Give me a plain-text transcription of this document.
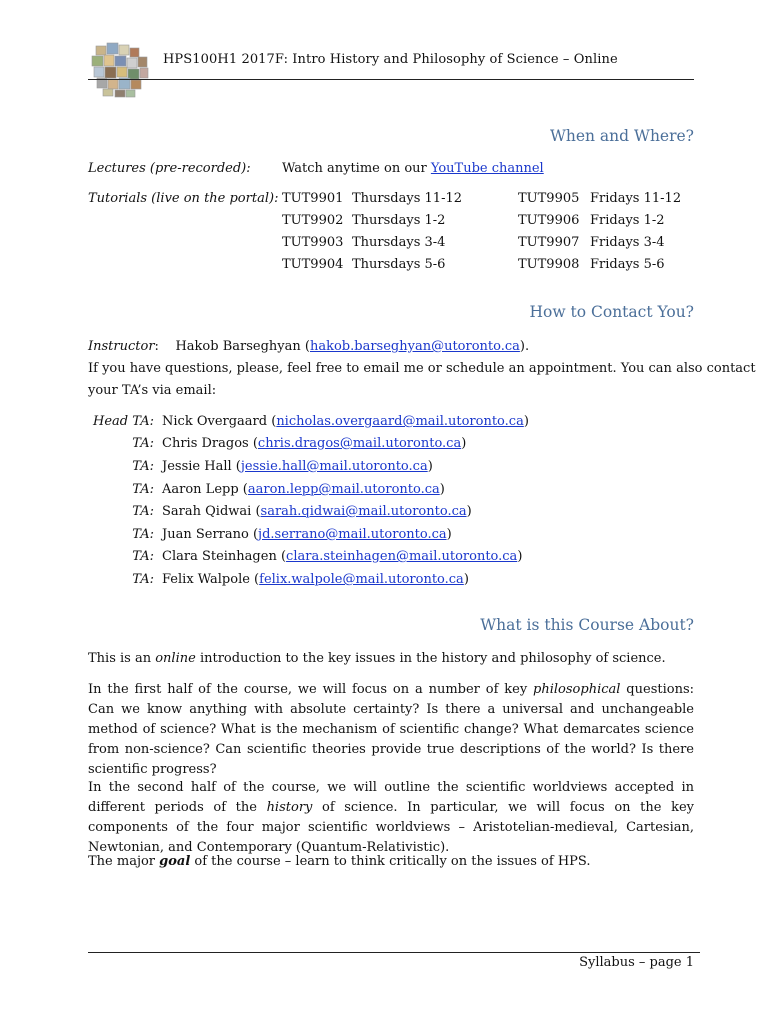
HPS100H1 2017F: Intro History and Philosophy of Science – Online
When and Where?
Lectures (pre-recorded): Watch anytime on our YouTube channel
Tutorials (live on the portal): TUT9901 Thursdays 11-12
TUT9902 Thursdays 1-2
TUT9903 Thursdays 3-4
TUT9904 Thursdays 5-6
TUT9905 Fridays 11-12
TUT9906 Fridays 1-2
TUT9907 Fridays 3-4
TUT9908 Fridays 5-6
How to Contact You?
Instructor:    Hakob Barseghyan (hakob.barseghyan@utoronto.ca).
If you have questions, please, feel free to email me or schedule an appointment. You can also contact
your TA’s via email:
Head TA: Nick Overgaard (nicholas.overgaard@mail.utoronto.ca)
TA: Chris Dragos (chris.dragos@mail.utoronto.ca)
TA: Jessie Hall (jessie.hall@mail.utoronto.ca)
TA: Aaron Lepp (aaron.lepp@mail.utoronto.ca)
TA: Sarah Qidwai (sarah.qidwai@mail.utoronto.ca)
TA: Juan Serrano (jd.serrano@mail.utoronto.ca)
TA: Clara Steinhagen (clara.steinhagen@mail.utoronto.ca)
TA: Felix Walpole (felix.walpole@mail.utoronto.ca)
What is this Course About?
This is an online introduction to the key issues in the history and philosophy of science.
In the first half of the course, we will focus on a number of key philosophical questions: Can we know anything with absolute certainty? Is there a universal and unchangeable method of science? What is the mechanism of scientific change? What demarcates science from non-science? Can scientific theories provide true descriptions of the world? Is there scientific progress?
In the second half of the course, we will outline the scientific worldviews accepted in different periods of the history of science. In particular, we will focus on the key components of the four major scientific worldviews – Aristotelian-medieval, Cartesian, Newtonian, and Contemporary (Quantum-Relativistic).
The major goal of the course – learn to think critically on the issues of HPS.
Syllabus – page 1
